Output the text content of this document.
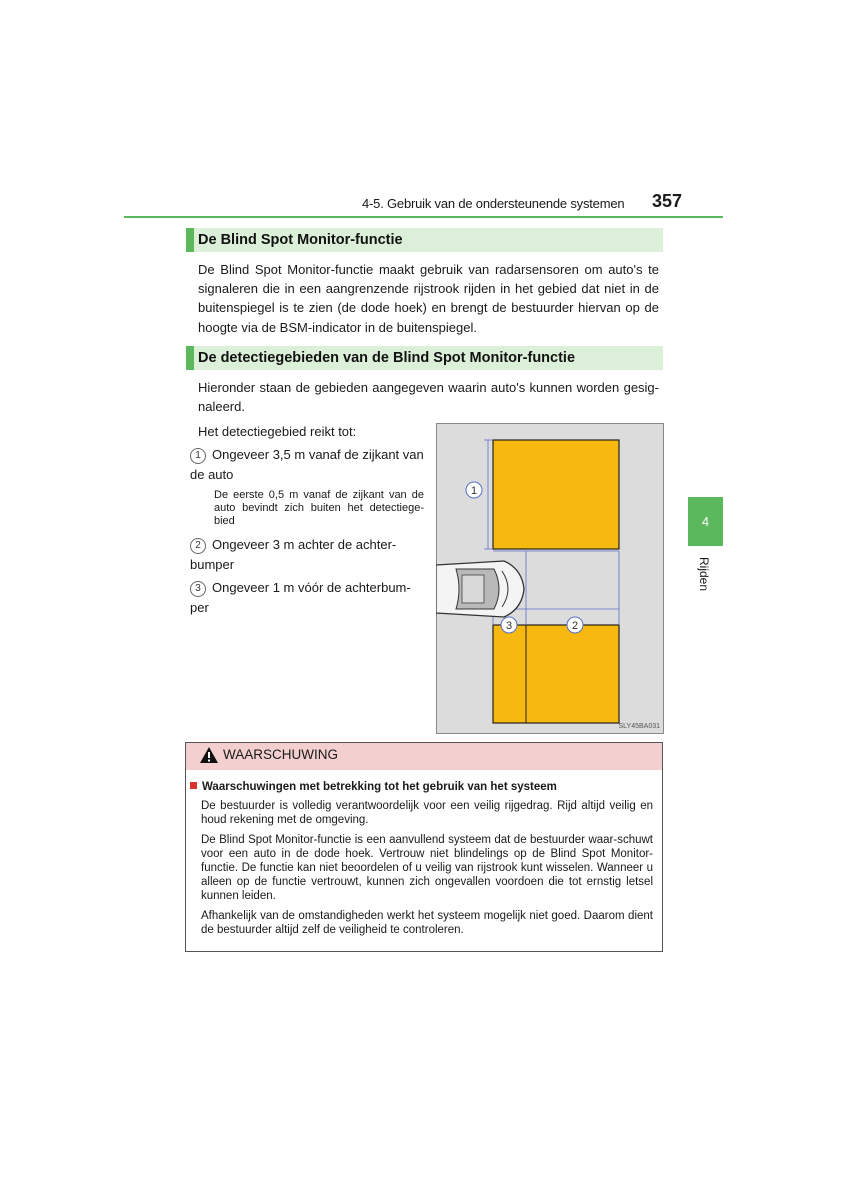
4-5. Gebruik van de ondersteunende systemen 357
4
Rijden
De Blind Spot Monitor-functie
De Blind Spot Monitor-functie maakt gebruik van radarsensoren om auto's te signaleren die in een aangrenzende rijstrook rijden in het gebied dat niet in de buitenspiegel is te zien (de dode hoek) en brengt de bestuurder hiervan op de hoogte via de BSM-indicator in de buitenspiegel.
De detectiegebieden van de Blind Spot Monitor-functie
Hieronder staan de gebieden aangegeven waarin auto's kunnen worden gesig-naleerd.
Het detectiegebied reikt tot:
1 Ongeveer 3,5 m vanaf de zijkant van de auto
De eerste 0,5 m vanaf de zijkant van de auto bevindt zich buiten het detectiege-bied
2 Ongeveer 3 m achter de achter-bumper
3 Ongeveer 1 m vóór de achterbum-per
1
2
3
SLY45BA031
WAARSCHUWING
Waarschuwingen met betrekking tot het gebruik van het systeem
De bestuurder is volledig verantwoordelijk voor een veilig rijgedrag. Rijd altijd veilig en houd rekening met de omgeving.
De Blind Spot Monitor-functie is een aanvullend systeem dat de bestuurder waar-schuwt voor een auto in de dode hoek. Vertrouw niet blindelings op de Blind Spot Monitor-functie. De functie kan niet beoordelen of u veilig van rijstrook kunt wisselen. Wanneer u alleen op de functie vertrouwt, kunnen zich ongevallen voordoen die tot ernstig letsel kunnen leiden.
Afhankelijk van de omstandigheden werkt het systeem mogelijk niet goed. Daarom dient de bestuurder altijd zelf de veiligheid te controleren.
